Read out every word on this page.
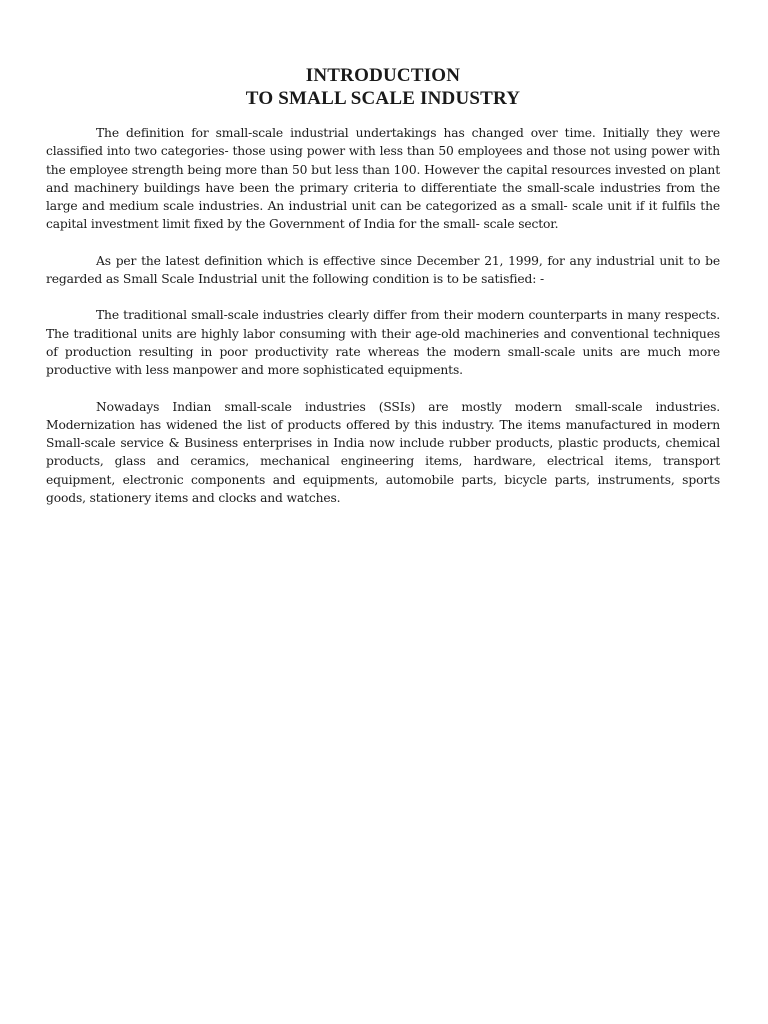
INTRODUCTION
TO SMALL SCALE INDUSTRY

The definition for small-scale industrial undertakings has changed over time. Initially they were classified into two categories- those using power with less than 50 employees and those not using power with the employee strength being more than 50 but less than 100. However the capital resources invested on plant and machinery buildings have been the primary criteria to differentiate the small-scale industries from the large and medium scale industries. An industrial unit can be categorized as a small- scale unit if it fulfils the capital investment limit fixed by the Government of India for the small- scale sector.

As per the latest definition which is effective since December 21, 1999, for any industrial unit to be regarded as Small Scale Industrial unit the following condition is to be satisfied: -

The traditional small-scale industries clearly differ from their modern counterparts in many respects. The traditional units are highly labor consuming with their age-old machineries and conventional techniques of production resulting in poor productivity rate whereas the modern small-scale units are much more productive with less manpower and more sophisticated equipments.

Nowadays Indian small-scale industries (SSIs) are mostly modern small-scale industries. Modernization has widened the list of products offered by this industry. The items manufactured in modern Small-scale service & Business enterprises in India now include rubber products, plastic products, chemical products, glass and ceramics, mechanical engineering items, hardware, electrical items, transport equipment, electronic components and equipments, automobile parts, bicycle parts, instruments, sports goods, stationery items and clocks and watches.
